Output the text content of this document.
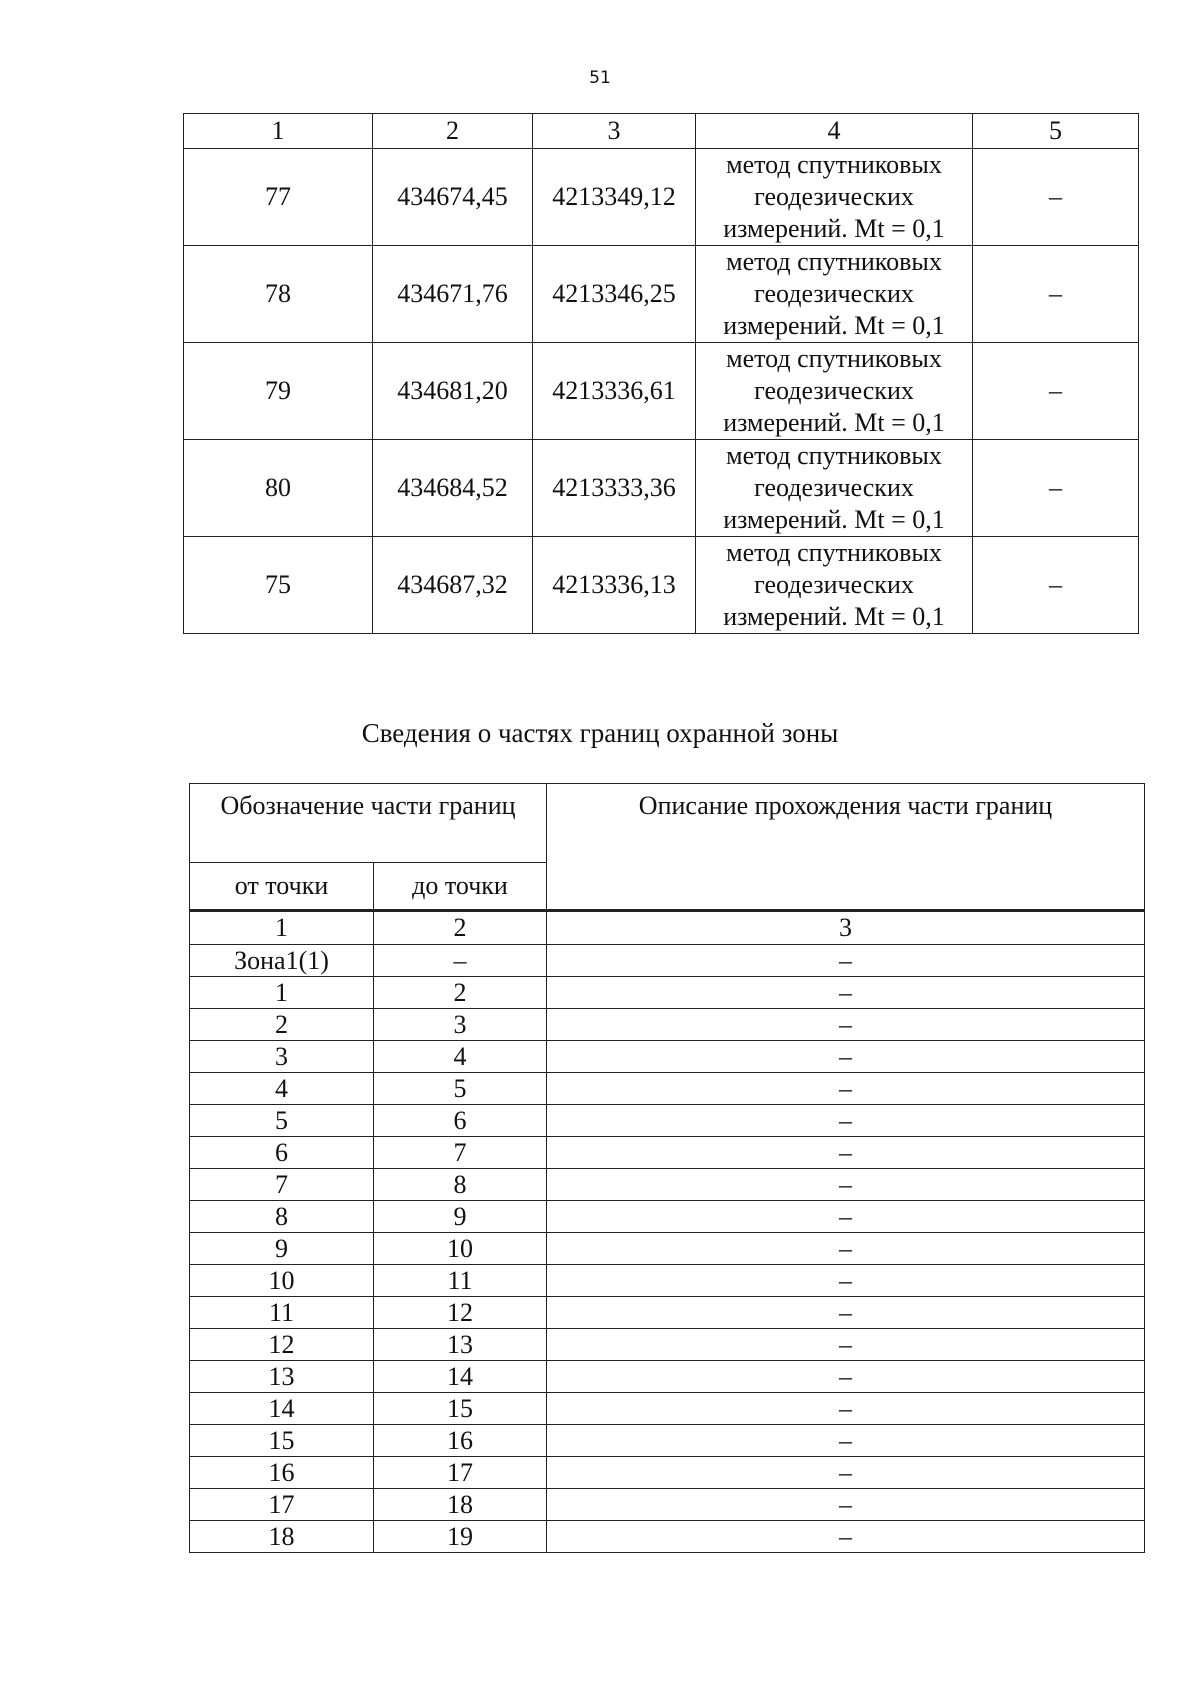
51
1	2	3	4	5
77	434674,45	4213349,12	метод спутниковых
геодезических
измерений. Mt = 0,1	–
78	434671,76	4213346,25	метод спутниковых
геодезических
измерений. Mt = 0,1	–
79	434681,20	4213336,61	метод спутниковых
геодезических
измерений. Mt = 0,1	–
80	434684,52	4213333,36	метод спутниковых
геодезических
измерений. Mt = 0,1	–
75	434687,32	4213336,13	метод спутниковых
геодезических
измерений. Mt = 0,1	–
Сведения о частях границ охранной зоны
Обозначение части границ		Описание прохождения части границ
от точки	до точки	
1	2	3
Зона1(1)	–	–
1	2	–
2	3	–
3	4	–
4	5	–
5	6	–
6	7	–
7	8	–
8	9	–
9	10	–
10	11	–
11	12	–
12	13	–
13	14	–
14	15	–
15	16	–
16	17	–
17	18	–
18	19	–
